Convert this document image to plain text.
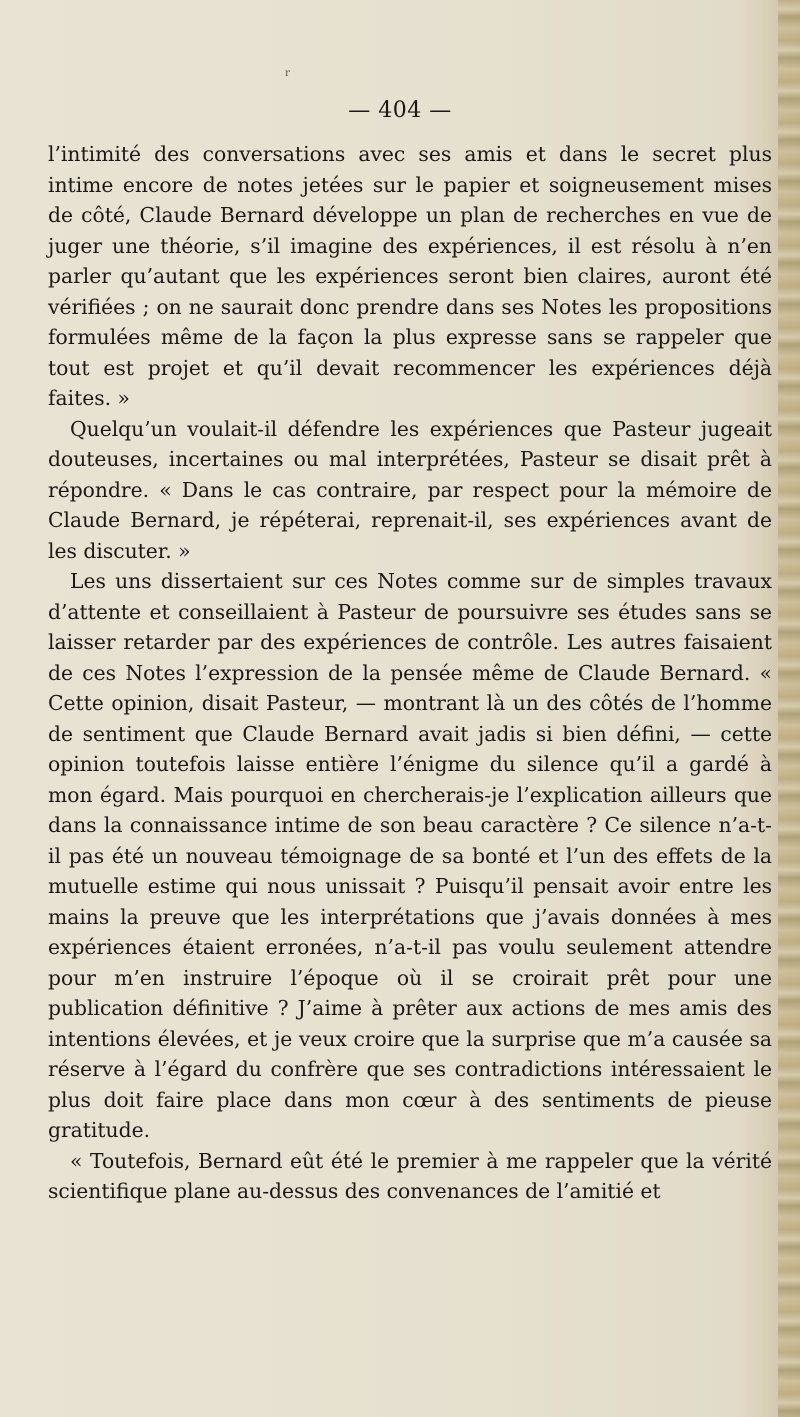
r
— 404 —

l’intimité des conversations avec ses amis et dans le secret plus intime encore de notes jetées sur le papier et soigneusement mises de côté, Claude Bernard développe un plan de recherches en vue de juger une théorie, s’il imagine des expériences, il est résolu à n’en parler qu’autant que les expériences seront bien claires, auront été vérifiées ; on ne saurait donc prendre dans ses Notes les propositions formulées même de la façon la plus expresse sans se rappeler que tout est projet et qu’il devait recommencer les expériences déjà faites. »

Quelqu’un voulait-il défendre les expériences que Pasteur jugeait douteuses, incertaines ou mal interprétées, Pasteur se disait prêt à répondre. « Dans le cas contraire, par respect pour la mémoire de Claude Bernard, je répéterai, reprenait-il, ses expériences avant de les discuter. »

Les uns dissertaient sur ces Notes comme sur de simples travaux d’attente et conseillaient à Pasteur de poursuivre ses études sans se laisser retarder par des expériences de contrôle. Les autres faisaient de ces Notes l’expression de la pensée même de Claude Bernard. « Cette opinion, disait Pasteur, — montrant là un des côtés de l’homme de sentiment que Claude Bernard avait jadis si bien défini, — cette opinion toutefois laisse entière l’énigme du silence qu’il a gardé à mon égard. Mais pourquoi en chercherais-je l’explication ailleurs que dans la connaissance intime de son beau caractère ? Ce silence n’a-t-il pas été un nouveau témoignage de sa bonté et l’un des effets de la mutuelle estime qui nous unissait ? Puisqu’il pensait avoir entre les mains la preuve que les interprétations que j’avais données à mes expériences étaient erronées, n’a-t-il pas voulu seulement attendre pour m’en instruire l’époque où il se croirait prêt pour une publication définitive ? J’aime à prêter aux actions de mes amis des intentions élevées, et je veux croire que la surprise que m’a causée sa réserve à l’égard du confrère que ses contradictions intéressaient le plus doit faire place dans mon cœur à des sentiments de pieuse gratitude.

« Toutefois, Bernard eût été le premier à me rappeler que la vérité scientifique plane au-dessus des convenances de l’amitié et
